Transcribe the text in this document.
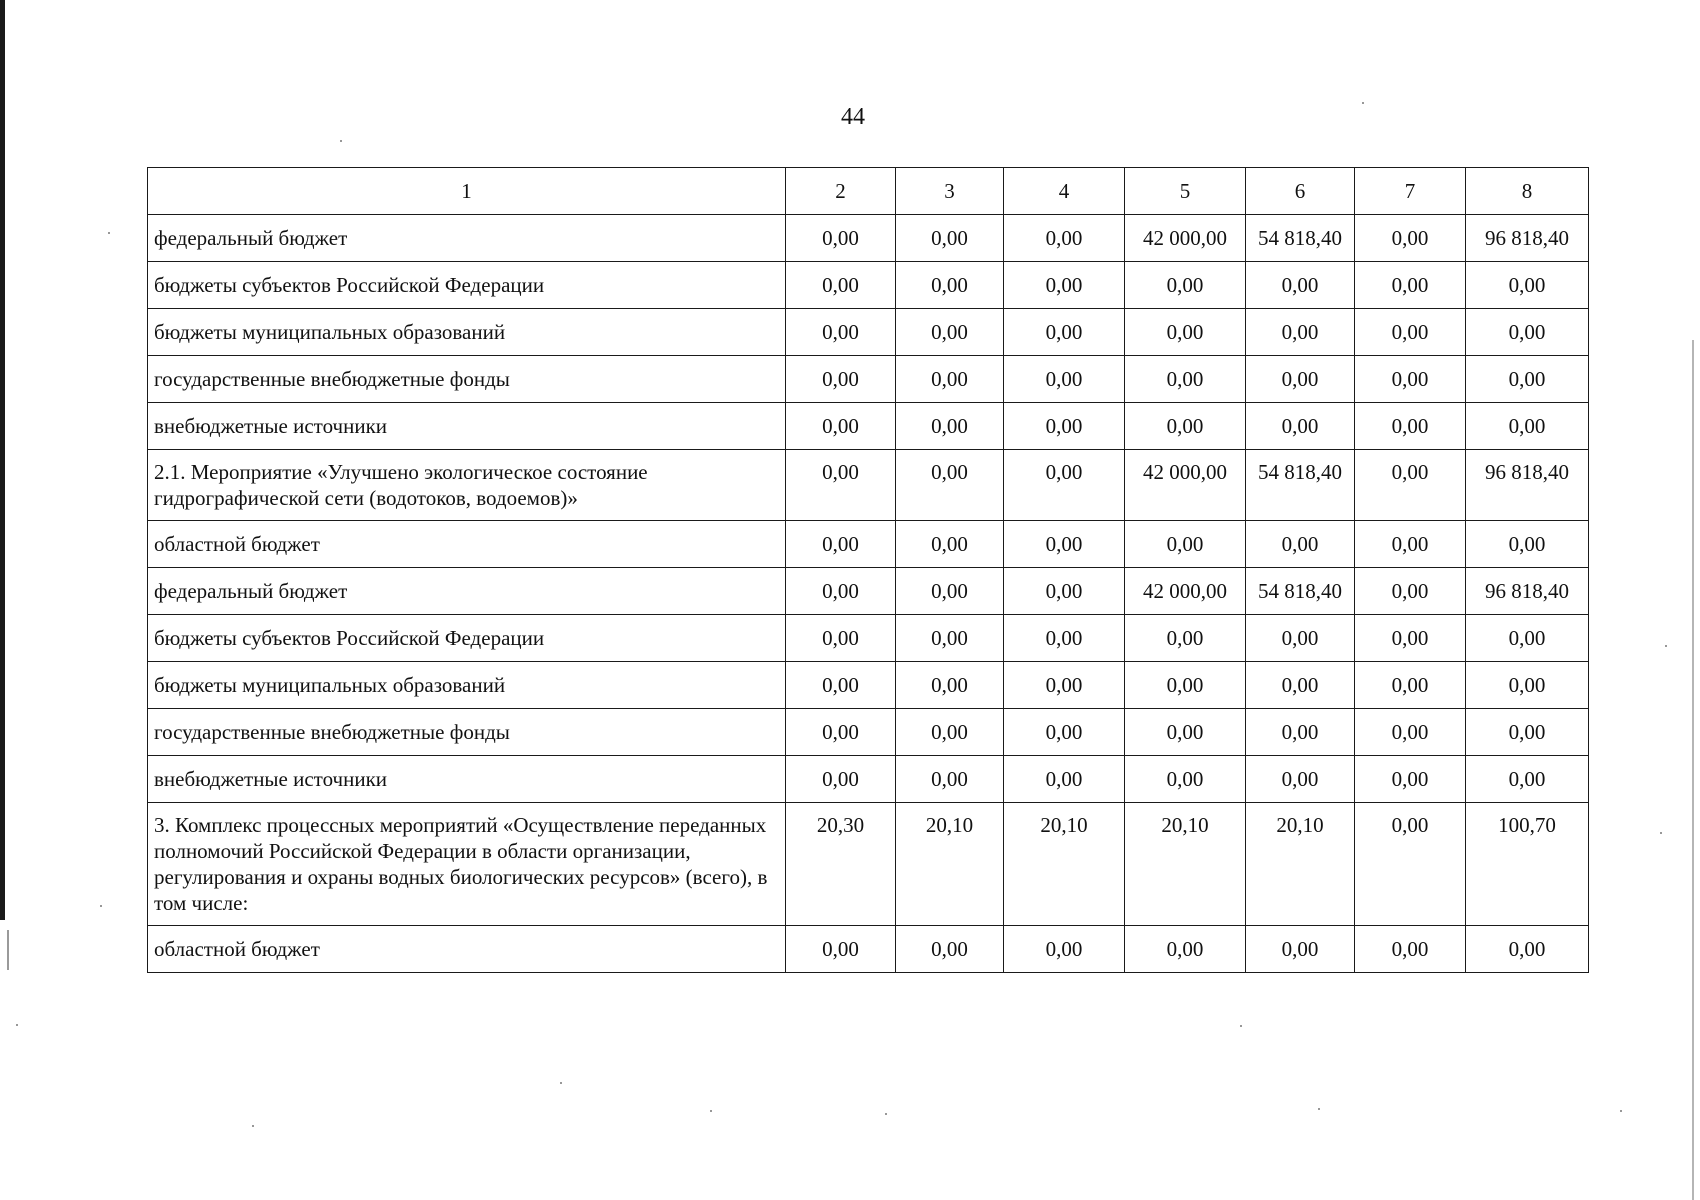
44
1	2	3	4	5	6	7	8
федеральный бюджет	0,00	0,00	0,00	42 000,00	54 818,40	0,00	96 818,40
бюджеты субъектов Российской Федерации	0,00	0,00	0,00	0,00	0,00	0,00	0,00
бюджеты муниципальных образований	0,00	0,00	0,00	0,00	0,00	0,00	0,00
государственные внебюджетные фонды	0,00	0,00	0,00	0,00	0,00	0,00	0,00
внебюджетные источники	0,00	0,00	0,00	0,00	0,00	0,00	0,00
2.1. Мероприятие «Улучшено экологическое состояние гидрографической сети (водотоков, водоемов)»	0,00	0,00	0,00	42 000,00	54 818,40	0,00	96 818,40
областной бюджет	0,00	0,00	0,00	0,00	0,00	0,00	0,00
федеральный бюджет	0,00	0,00	0,00	42 000,00	54 818,40	0,00	96 818,40
бюджеты субъектов Российской Федерации	0,00	0,00	0,00	0,00	0,00	0,00	0,00
бюджеты муниципальных образований	0,00	0,00	0,00	0,00	0,00	0,00	0,00
государственные внебюджетные фонды	0,00	0,00	0,00	0,00	0,00	0,00	0,00
внебюджетные источники	0,00	0,00	0,00	0,00	0,00	0,00	0,00
3. Комплекс процессных мероприятий «Осуществление переданных полномочий Российской Федерации в области организации, регулирования и охраны водных биологических ресурсов» (всего), в том числе:	20,30	20,10	20,10	20,10	20,10	0,00	100,70
областной бюджет	0,00	0,00	0,00	0,00	0,00	0,00	0,00
